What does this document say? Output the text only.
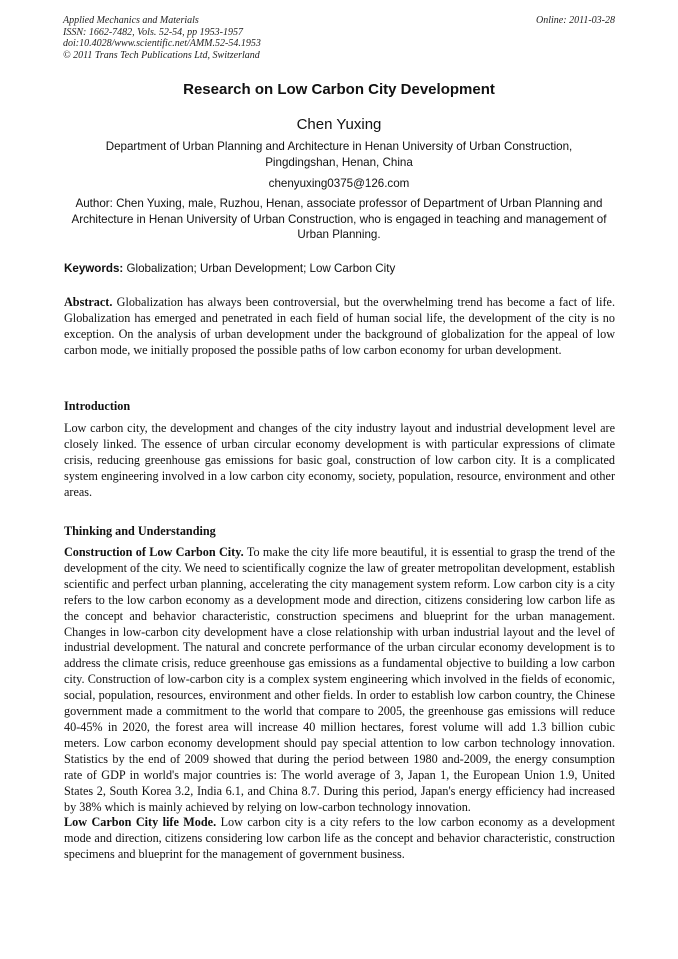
Applied Mechanics and Materials
ISSN: 1662-7482, Vols. 52-54, pp 1953-1957
doi:10.4028/www.scientific.net/AMM.52-54.1953
© 2011 Trans Tech Publications Ltd, Switzerland
Online: 2011-03-28
Research on Low Carbon City Development
Chen Yuxing
Department of Urban Planning and Architecture in Henan University of Urban Construction, Pingdingshan, Henan, China
chenyuxing0375@126.com
Author: Chen Yuxing, male, Ruzhou, Henan, associate professor of Department of Urban Planning and Architecture in Henan University of Urban Construction, who is engaged in teaching and management of Urban Planning.
Keywords: Globalization; Urban Development; Low Carbon City
Abstract. Globalization has always been controversial, but the overwhelming trend has become a fact of life. Globalization has emerged and penetrated in each field of human social life, the development of the city is no exception. On the analysis of urban development under the background of globalization for the appeal of low carbon mode, we initially proposed the possible paths of low carbon economy for urban development.
Introduction
Low carbon city, the development and changes of the city industry layout and industrial development level are closely linked. The essence of urban circular economy development is with particular expressions of climate crisis, reducing greenhouse gas emissions for basic goal, construction of low carbon city. It is a complicated system engineering involved in a low carbon city economy, society, population, resource, environment and other areas.
Thinking and Understanding
Construction of Low Carbon City. To make the city life more beautiful, it is essential to grasp the trend of the development of the city. We need to scientifically cognize the law of greater metropolitan development, establish scientific and perfect urban planning, accelerating the city management system reform. Low carbon city is a city refers to the low carbon economy as a development mode and direction, citizens considering low carbon life as the concept and behavior characteristic, construction specimens and blueprint for the urban management. Changes in low-carbon city development have a close relationship with urban industrial layout and the level of industrial development. The natural and concrete performance of the urban circular economy development is to address the climate crisis, reduce greenhouse gas emissions as a fundamental objective to building a low carbon city. Construction of low-carbon city is a complex system engineering which involved in the fields of economic, social, population, resources, environment and other fields. In order to establish low carbon country, the Chinese government made a commitment to the world that compare to 2005, the greenhouse gas emissions will reduce 40-45% in 2020, the forest area will increase 40 million hectares, forest volume will add 1.3 billion cubic meters. Low carbon economy development should pay special attention to low carbon technology innovation. Statistics by the end of 2009 showed that during the period between 1980 and-2009, the energy consumption rate of GDP in world's major countries is: The world average of 3, Japan 1, the European Union 1.9, United States 2, South Korea 3.2, India 6.1, and China 8.7. During this period, Japan's energy efficiency had increased by 38% which is mainly achieved by relying on low-carbon technology innovation.
Low Carbon City life Mode. Low carbon city is a city refers to the low carbon economy as a development mode and direction, citizens considering low carbon life as the concept and behavior characteristic, construction specimens and blueprint for the management of government business.
